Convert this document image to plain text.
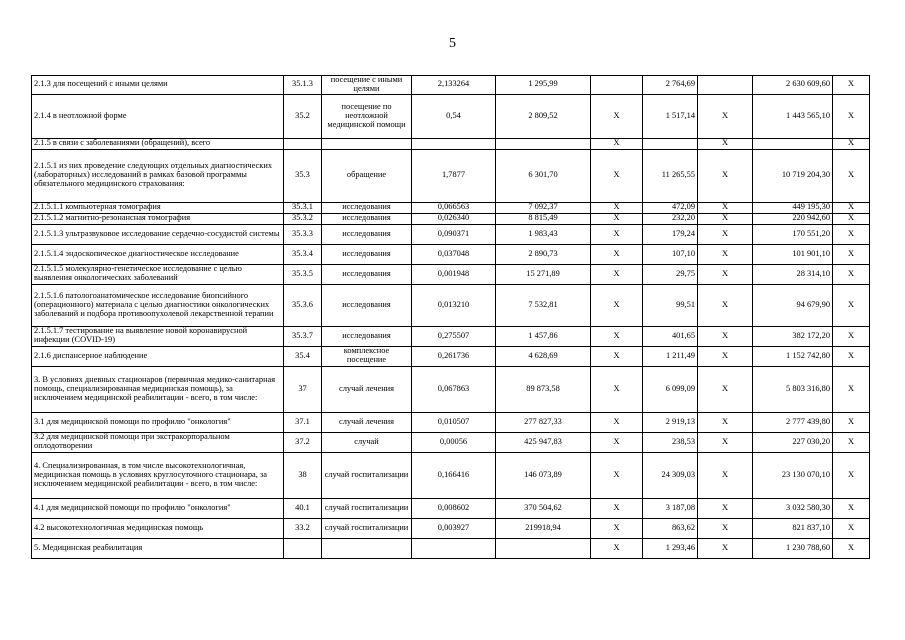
5
2.1.3 для посещений с иными целями	35.1.3	посещение с иными целями	2,133264	1 295,99		2 764,69		2 630 609,60	X
2.1.4 в неотложной форме	35.2	посещение по неотложной медицинской помощи	0,54	2 809,52	X	1 517,14	X	1 443 565,10	X
2.1.5 в связи с заболеваниями (обращений), всего					X		X		X
2.1.5.1 из них проведение следующих отдельных диагностических (лабораторных) исследований в рамках базовой программы обязательного медицинского страхования:	35.3	обращение	1,7877	6 301,70	X	11 265,55	X	10 719 204,30	X
2.1.5.1.1 компьютерная томография	35.3.1	исследования	0,066563	7 092,37	X	472,09	X	449 195,30	X
2.1.5.1.2 магнитно-резонансная томография	35.3.2	исследования	0,026340	8 815,49	X	232,20	X	220 942,60	X
2.1.5.1.3 ультразвуковое исследование сердечно-сосудистой системы	35.3.3	исследования	0,090371	1 983,43	X	179,24	X	170 551,20	X
2.1.5.1.4 эндоскопическое диагностическое исследование	35.3.4	исследования	0,037048	2 890,73	X	107,10	X	101 901,10	X
2.1.5.1.5 молекулярно-генетическое исследование с целью выявления онкологических заболеваний	35.3.5	исследования	0,001948	15 271,89	X	29,75	X	28 314,10	X
2.1.5.1.6 патологоанатомическое исследование биопсийного (операционного) материала с целью диагностики онкологических заболеваний и подбора противоопухолевой лекарственной терапии	35.3.6	исследования	0,013210	7 532,81	X	99,51	X	94 679,90	X
2.1.5.1.7 тестирование на выявление новой коронавирусной инфекции (COVID-19)	35.3.7	исследования	0,275507	1 457,86	X	401,65	X	382 172,20	X
2.1.6 диспансерное наблюдение	35.4	комплексное посещение	0,261736	4 628,69	X	1 211,49	X	1 152 742,80	X
3. В условиях дневных стационаров (первичная медико-санитарная помощь, специализированная медицинская помощь), за исключением медицинской реабилитации - всего, в том числе:	37	случай лечения	0,067863	89 873,58	X	6 099,09	X	5 803 316,80	X
3.1 для медицинской помощи по профилю "онкология"	37.1	случай лечения	0,010507	277 827,33	X	2 919,13	X	2 777 439,80	X
3.2 для медицинской помощи при экстракорпоральном оплодотворении	37.2	случай	0,00056	425 947,83	X	238,53	X	227 030,20	X
4. Специализированная, в том числе высокотехнологичная, медицинская помощь в условиях круглосуточного стационара, за исключением медицинской реабилитации - всего, в том числе:	38	случай госпитализации	0,166416	146 073,89	X	24 309,03	X	23 130 070,10	X
4.1 для медицинской помощи по профилю "онкология"	40.1	случай госпитализации	0,008602	370 504,62	X	3 187,08	X	3 032 580,30	X
4.2 высокотехнологичная медицинская помощь	33.2	случай госпитализации	0,003927	219918,94	X	863,62	X	821 837,10	X
5. Медицинская реабилитация					X	1 293,46	X	1 230 788,60	X
